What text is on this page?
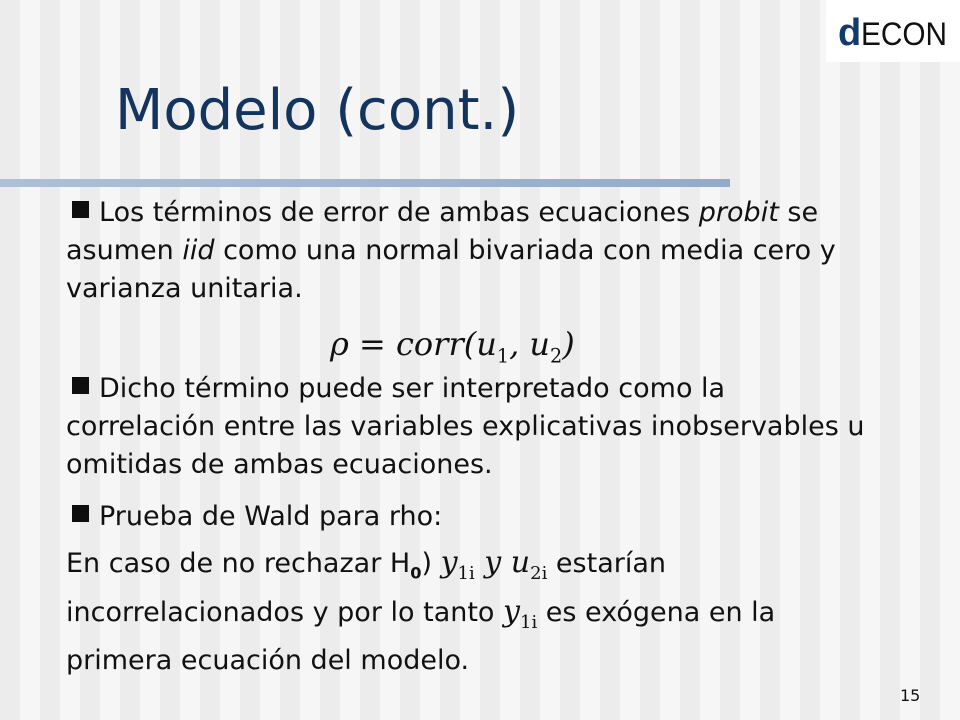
d ECON
Modelo (cont.)

Los términos de error de ambas ecuaciones probit se asumen iid como una normal bivariada con media cero y varianza unitaria.

$\rho = corr(u_1$, $u_2$)

Dicho término puede ser interpretado como la correlación entre las variables explicativas inobservables u omitidas de ambas ecuaciones.

Prueba de Wald para rho:

En caso de no rechazar $H_0$) $y_{1i}$ y $u_{2i}$ estarían incorrelacionados y por lo tanto $y_{1i}$ es exógena en la primera ecuación del modelo.

15
